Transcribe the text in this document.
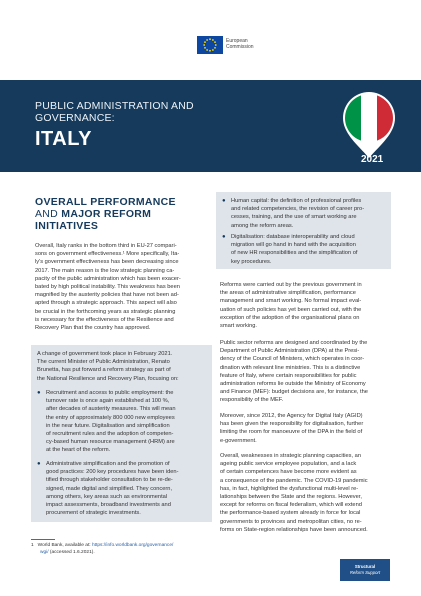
European
Commission
PUBLIC ADMINISTRATION AND
GOVERNANCE:
ITALY
2021
OVERALL PERFORMANCE
AND MAJOR REFORM
INITIATIVES
Overall, Italy ranks in the bottom third in EU-27 compari-
sons on government effectiveness.¹ More specifically, Ita-
ly's government effectiveness has been decreasing since
2017. The main reason is the low strategic planning ca-
pacity of the public administration which has been exacer-
bated by high political instability. This weakness has been
magnified by the austerity policies that have not been ad-
apted through a strategic approach. This aspect will also
be crucial in the forthcoming years as strategic planning
is necessary for the effectiveness of the Resilience and
Recovery Plan that the country has approved.
A change of government took place in February 2021.
The current Minister of Public Administration, Renato
Brunetta, has put forward a reform strategy as part of
the National Resilience and Recovery Plan, focusing on:
● Recruitment and access to public employment: the
turnover rate is once again established at 100 %,
after decades of austerity measures. This will mean
the entry of approximately 800 000 new employees
in the near future. Digitalisation and simplification
of recruitment rules and the adoption of competen-
cy-based human resource management (HRM) are
at the heart of the reform.
● Administrative simplification and the promotion of
good practices: 200 key procedures have been iden-
tified through stakeholder consultation to be re-de-
signed, made digital and simplified. They concern,
among others, key areas such as environmental
impact assessments, broadband investments and
procurement of strategic investments.
● Human capital: the definition of professional profiles
and related competencies, the revision of career pro-
cesses, training, and the use of smart working are
among the reform areas.
● Digitalisation: database interoperability and cloud
migration will go hand in hand with the acquisition
of new HR responsibilities and the simplification of
key procedures.
Reforms were carried out by the previous government in
the areas of administrative simplification, performance
management and smart working. No formal impact eval-
uation of such policies has yet been carried out, with the
exception of the adoption of the organisational plans on
smart working.
Public sector reforms are designed and coordinated by the
Department of Public Administration (DPA) at the Presi-
dency of the Council of Ministers, which operates in coor-
dination with relevant line ministries. This is a distinctive
feature of Italy, where certain responsibilities for public
administration reforms lie outside the Ministry of Economy
and Finance (MEF): budget decisions are, for instance, the
responsibility of the MEF.
Moreover, since 2012, the Agency for Digital Italy (AGID)
has been given the responsibility for digitalisation, further
limiting the room for manoeuvre of the DPA in the field of
e-government.
Overall, weaknesses in strategic planning capacities, an
ageing public service employee population, and a lack
of certain competences have become more evident as
a consequence of the pandemic. The COVID-19 pandemic
has, in fact, highlighted the dysfunctional multi-level re-
lationships between the State and the regions. However,
except for reforms on fiscal federalism, which will extend
the performance-based system already in force for local
governments to provinces and metropolitan cities, no re-
forms on State-region relationships have been announced.
1 World Bank, available at: https://info.worldbank.org/governance/
wgi/ (accessed 1.6.2021).
Structural
Reform Support
